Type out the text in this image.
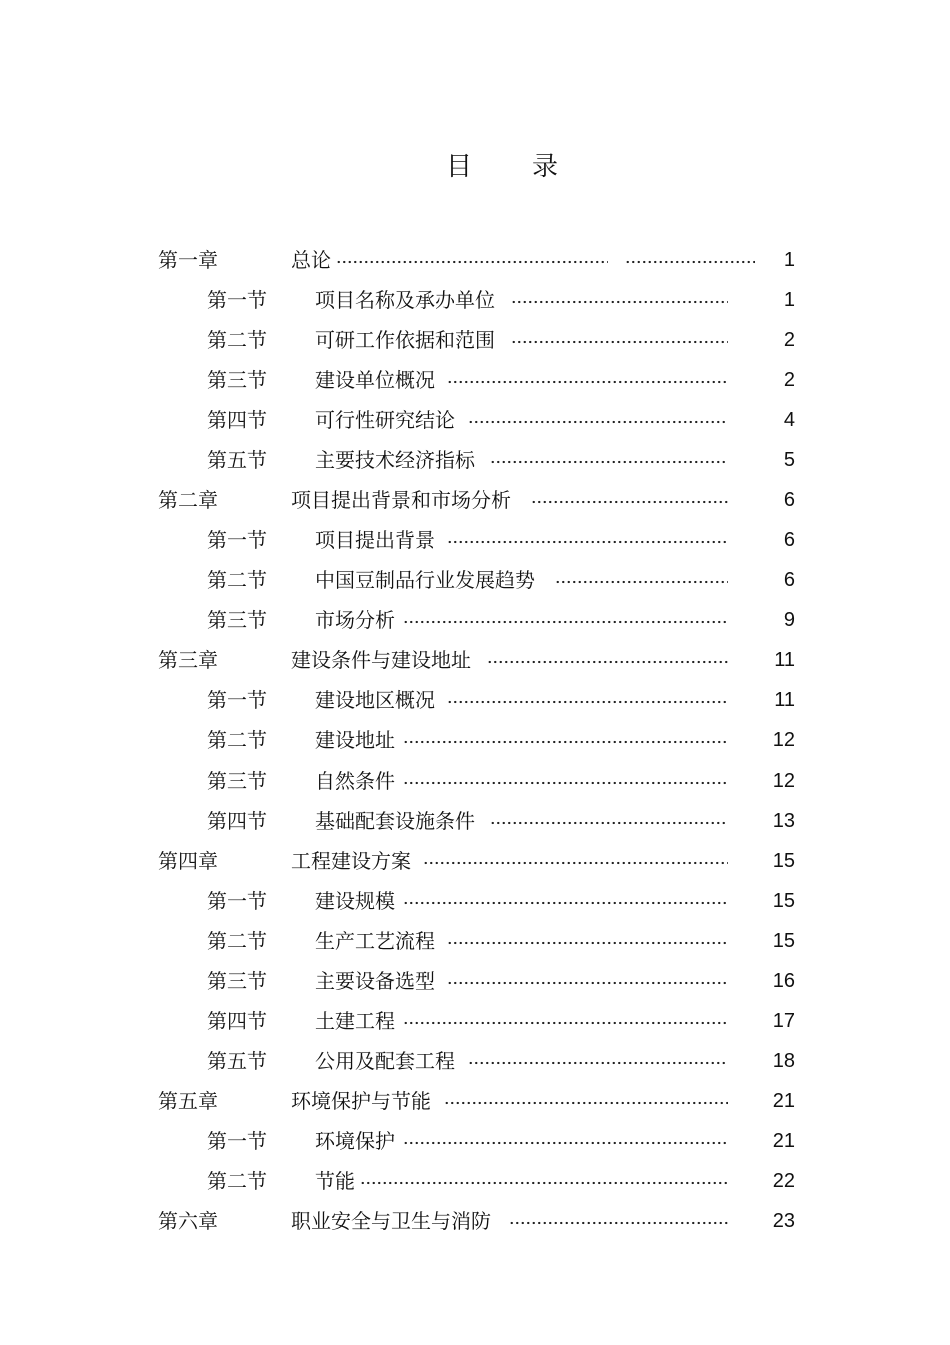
目 录
第一章	总论	1
第一节 项目名称及承办单位	1
第二节 可研工作依据和范围	2
第三节 建设单位概况	2
第四节 可行性研究结论	4
第五节 主要技术经济指标	5
第二章	项目提出背景和市场分析	6
第一节 项目提出背景	6
第二节 中国豆制品行业发展趋势	6
第三节 市场分析	9
第三章	建设条件与建设地址	11
第一节 建设地区概况	11
第二节 建设地址	12
第三节 自然条件	12
第四节 基础配套设施条件	13
第四章	工程建设方案	15
第一节 建设规模	15
第二节 生产工艺流程	15
第三节 主要设备选型	16
第四节 土建工程	17
第五节 公用及配套工程	18
第五章	环境保护与节能	21
第一节 环境保护	21
第二节 节能	22
第六章	职业安全与卫生与消防	23
